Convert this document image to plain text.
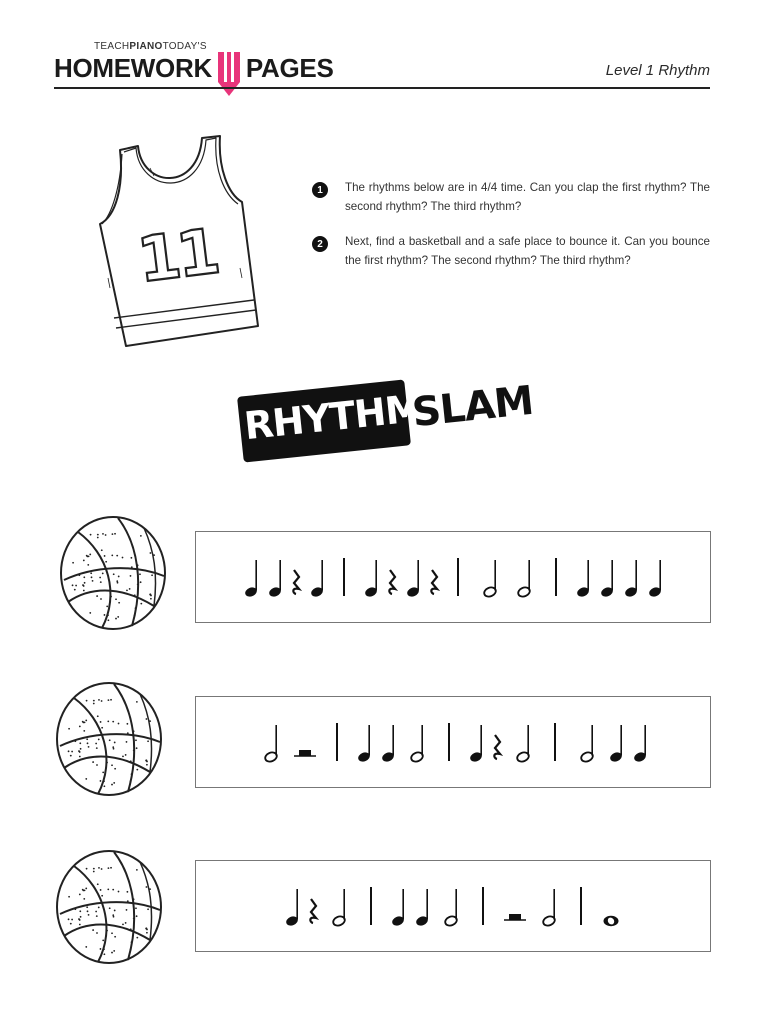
TEACHPIANOTODAY'S
HOMEWORK PAGES	Level 1 Rhythm
11
1	The rhythms below are in 4/4 time. Can you clap the first rhythm? The second rhythm? The third rhythm?
2	Next, find a basketball and a safe place to bounce it. Can you bounce the first rhythm? The second rhythm? The third rhythm?
RHYTHM
SLAM
